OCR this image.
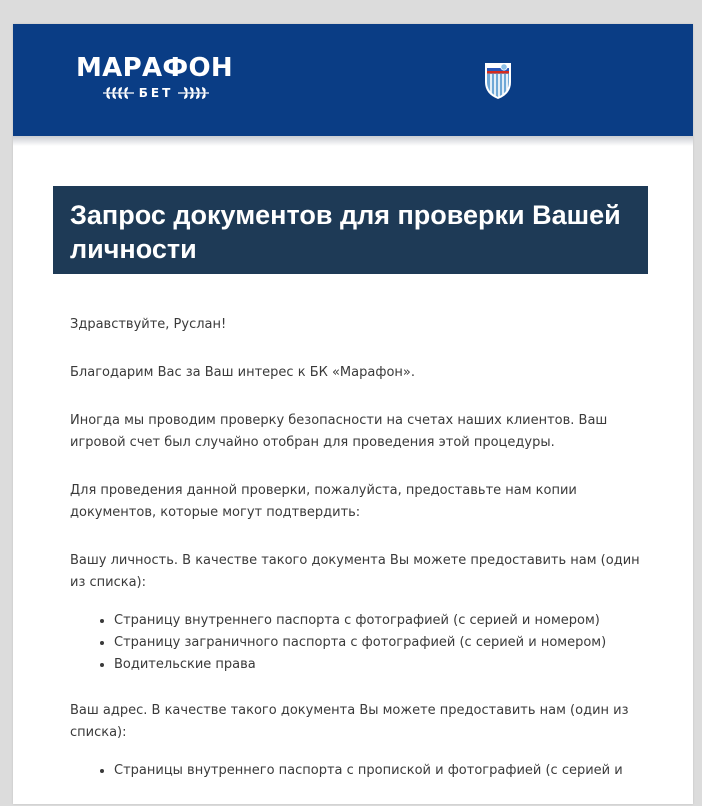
МАРАФОН
БЕТ
Запрос документов для проверки Вашей личности

Здравствуйте, Руслан!

Благодарим Вас за Ваш интерес к БК «Марафон».

Иногда мы проводим проверку безопасности на счетах наших клиентов. Ваш игровой счет был случайно отобран для проведения этой процедуры.

Для проведения данной проверки, пожалуйста, предоставьте нам копии документов, которые могут подтвердить:

Вашу личность. В качестве такого документа Вы можете предоставить нам (один из списка):

• Страницу внутреннего паспорта с фотографией (с серией и номером)
• Страницу заграничного паспорта с фотографией (с серией и номером)
• Водительские права

Ваш адрес. В качестве такого документа Вы можете предоставить нам (один из списка):

• Страницы внутреннего паспорта с пропиской и фотографией (с серией и
